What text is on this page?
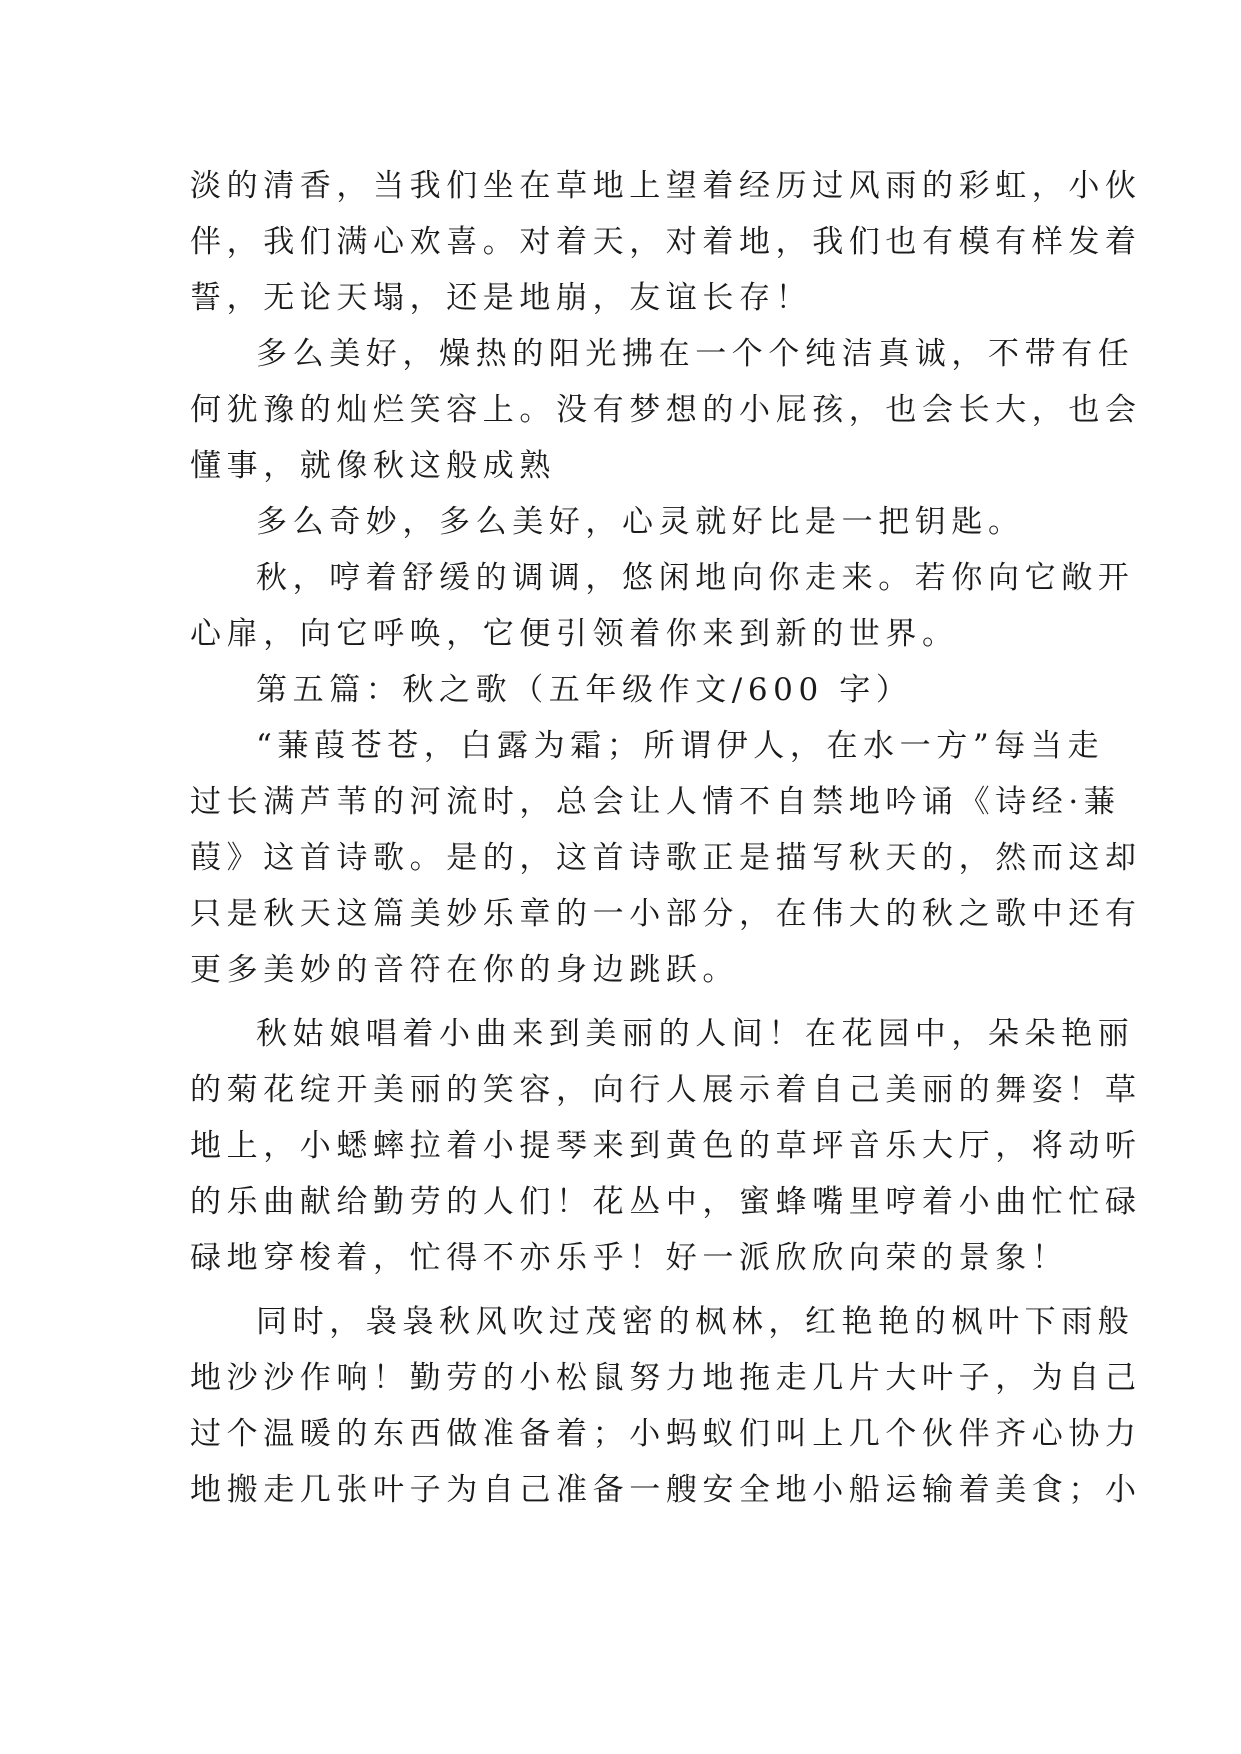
淡的清香，当我们坐在草地上望着经历过风雨的彩虹，小伙
伴，我们满心欢喜。对着天，对着地，我们也有模有样发着
誓，无论天塌，还是地崩，友谊长存！
多么美好，燥热的阳光拂在一个个纯洁真诚，不带有任
何犹豫的灿烂笑容上。没有梦想的小屁孩，也会长大，也会
懂事，就像秋这般成熟
多么奇妙，多么美好，心灵就好比是一把钥匙。
秋，哼着舒缓的调调，悠闲地向你走来。若你向它敞开
心扉，向它呼唤，它便引领着你来到新的世界。
第五篇：秋之歌（五年级作文/600 字）
“蒹葭苍苍，白露为霜；所谓伊人，在水一方”每当走
过长满芦苇的河流时，总会让人情不自禁地吟诵《诗经·蒹
葭》这首诗歌。是的，这首诗歌正是描写秋天的，然而这却
只是秋天这篇美妙乐章的一小部分，在伟大的秋之歌中还有
更多美妙的音符在你的身边跳跃。
秋姑娘唱着小曲来到美丽的人间！在花园中，朵朵艳丽
的菊花绽开美丽的笑容，向行人展示着自己美丽的舞姿！草
地上，小蟋蟀拉着小提琴来到黄色的草坪音乐大厅，将动听
的乐曲献给勤劳的人们！花丛中，蜜蜂嘴里哼着小曲忙忙碌
碌地穿梭着，忙得不亦乐乎！好一派欣欣向荣的景象！
同时，袅袅秋风吹过茂密的枫林，红艳艳的枫叶下雨般
地沙沙作响！勤劳的小松鼠努力地拖走几片大叶子，为自己
过个温暖的东西做准备着；小蚂蚁们叫上几个伙伴齐心协力
地搬走几张叶子为自己准备一艘安全地小船运输着美食；小
